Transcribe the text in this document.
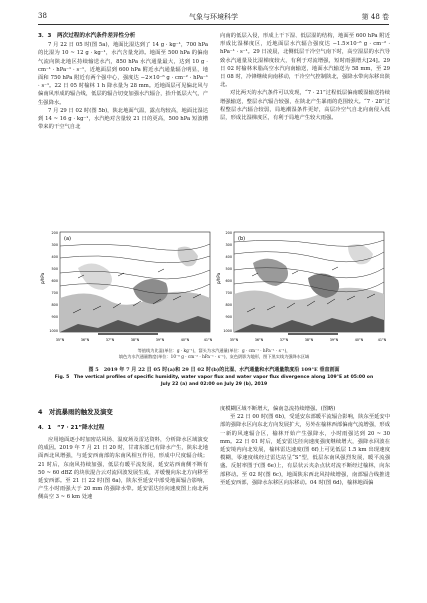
38	气象与环境科学	第 48 卷

3．3　两次过程的水汽条件差异性分析

7 月 22 日 05 时(图 5a)，地面比湿达到了 14 g · kg⁻¹，700 hPa 的比湿为 10 ~ 12 g · kg⁻¹，水汽含量充沛。地面至 500 hPa 的偏南气流向陕北地区持续输送水汽，850 hPa 水汽通量最大，达到 10 g · cm⁻¹ · hPa⁻¹ · s⁻¹，近地面层到 600 hPa 附近水汽通量辐合明显，地面和 750 hPa 附近有两个强中心，强度达 −2×10⁻⁶ g · cm⁻² · hPa⁻¹ · s⁻¹。22 日 05 时榆林 1 h 降水量为 28 mm。近地面层可见偏北风与偏南风形成的辐合线，低层的辐合切变加强水汽辐合，抬升低层大气，产生强降水。

7 月 29 日 02 时(图 5b)，陕北地面气温，露点均较高，地面比湿达到 14 ~ 16 g · kg⁻¹，水汽绝对含量较 21 日的更高，500 hPa 短波槽带来的干空气自北

向南的低层入侵，形成上干下湿、低层湿的结构，地面至 600 hPa 附近形成比湿梯度区，近地面层水汽辐合强度达 −1.5×10⁻⁶ g · cm⁻² · hPa⁻¹ · s⁻¹。29 日凌晨，北侧低层干冷空气南下时，高空湿层的水汽导致水汽通量及比湿梯度较大，有利于对流增强，短时雨强增大[24]。29 日 02 时榆林米脂高空水汽向南输送，地面水汽输送为 58 mm，至 29 日 08 时，冷锋继续向南移动，干冷空气控制陕北，强降水带向东移出陕北。

对比两天的水汽条件可以发现，“7 · 21”过程低层偏南暖湿输送持续增强输送，整层水汽辐合较强，在陕北产生暴雨的范围较大。“7 · 28”过程整层水汽辐合较弱，局地潮湿条件更好，高层冷空气自北向南侵入低层，形成比湿梯度区，有利于局地产生较大雨强。

(a)
p/hPa
200
300
400
500
600
700
800
900
1000
35°N	36°N	37°N	38°N	39°N	40°N	41°N
(b)
p/hPa
200
300
400
500
600
700
800
900
1000
35°N	36°N	37°N	38°N	39°N	40°N	41°N
等值线为比湿(单位：g · kg⁻¹)，箭头为水汽通量(单位：g · cm⁻¹ · hPa⁻¹ · s⁻¹)，
填色为水汽通量散度(单位：10⁻⁶ g · cm⁻² · hPa⁻¹ · s⁻¹)，灰色阴影为地形，图下黑实线为强降水区域
图 5　2019 年 7 月 22 日 05 时(a)和 29 日 02 时(b)的比湿、水汽通量和水汽通量散度沿 109°E 垂直剖面
Fig. 5　The vertical profiles of specific humidity, water vapor flux and water vapor flux divergence along 109°E at 05:00 on
July 22 (a) and 02:00 on July 29 (b), 2019
4　对流暴雨的触发及演变
4．1　“7 · 21”降水过程

应用地面逐小时加密站风场、温度场及雷达资料，分析降水区域演变的成因。2019 年 7 月 21 日 20 时，甘肃东部已有降水产生，陕东北地面西北风增强，与延安西南部的东南风相互作用，形成中尺度辐合线；21 时后，东南风持续加强，低层有暖平流发展，延安站西南侧不断有 50 ~ 60 dBZ 的块状混合云对流回波发展生成，并缓慢向东北方向移至延安西部。至 21 日 22 时(图 6a)，陕东至延安中部受地面辐合影响，产生小时雨强大于 20 mm 的强降水带。延安雷达径向速度图上南北两侧高空 3 ~ 6 km 处速

度模糊区域不断增大，偏南急流持续增强。(图略)

至 22 日 00 时(图 6b)，受延安东部暖平流辐合影响，陕东至延安中部的强降水区向东北方向发展扩大，另外在榆林西部偏南气流增强，形成一新的风速辐合区，榆林开始产生强降水，小时雨强达到 20 ~ 30 mm。22 日 01 时后，延安雷达径向速度强度继续增大，强降水回波在延安境内向北发展，榆林雷达速度(图 6f)上可见低层 1.5 km 出现速度模糊，零速度线经过雷达站呈“S”型，低层东南风强烈发展，暖平流强盛。反射率图于(图 6e)上，有层状云夹杂点状对流不断经过榆林，向东部移动。至 02 时(图 6c)，地面陕东西北风持续增强，南部辐合线推进至延安西部，强降水东移区向东移动。04 时(图 6d)，榆林地面偏
